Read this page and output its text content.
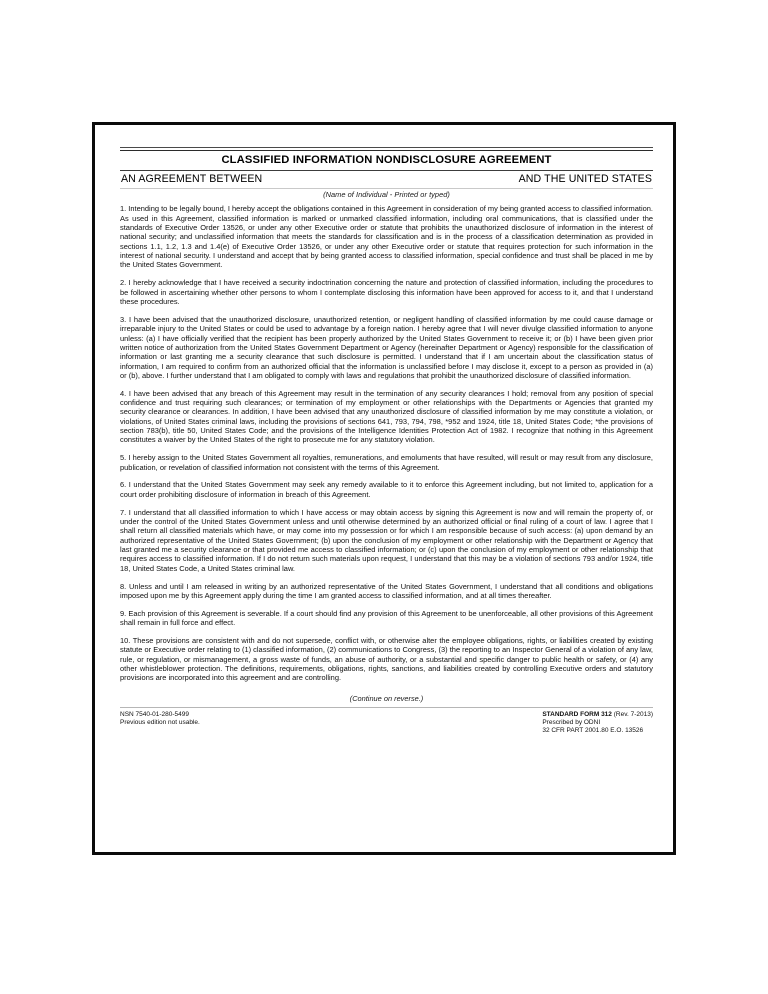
CLASSIFIED INFORMATION NONDISCLOSURE AGREEMENT
AN AGREEMENT BETWEEN	AND THE UNITED STATES
(Name of Individual - Printed or typed)

1. Intending to be legally bound, I hereby accept the obligations contained in this Agreement in consideration of my being granted access to classified information. As used in this Agreement, classified information is marked or unmarked classified information, including oral communications, that is classified under the standards of Executive Order 13526, or under any other Executive order or statute that prohibits the unauthorized disclosure of information in the interest of national security; and unclassified information that meets the standards for classification and is in the process of a classification determination as provided in sections 1.1, 1.2, 1.3 and 1.4(e) of Executive Order 13526, or under any other Executive order or statute that requires protection for such information in the interest of national security. I understand and accept that by being granted access to classified information, special confidence and trust shall be placed in me by the United States Government.

2. I hereby acknowledge that I have received a security indoctrination concerning the nature and protection of classified information, including the procedures to be followed in ascertaining whether other persons to whom I contemplate disclosing this information have been approved for access to it, and that I understand these procedures.

3. I have been advised that the unauthorized disclosure, unauthorized retention, or negligent handling of classified information by me could cause damage or irreparable injury to the United States or could be used to advantage by a foreign nation. I hereby agree that I will never divulge classified information to anyone unless: (a) I have officially verified that the recipient has been properly authorized by the United States Government to receive it; or (b) I have been given prior written notice of authorization from the United States Government Department or Agency (hereinafter Department or Agency) responsible for the classification of information or last granting me a security clearance that such disclosure is permitted. I understand that if I am uncertain about the classification status of information, I am required to confirm from an authorized official that the information is unclassified before I may disclose it, except to a person as provided in (a) or (b), above. I further understand that I am obligated to comply with laws and regulations that prohibit the unauthorized disclosure of classified information.

4. I have been advised that any breach of this Agreement may result in the termination of any security clearances I hold; removal from any position of special confidence and trust requiring such clearances; or termination of my employment or other relationships with the Departments or Agencies that granted my security clearance or clearances. In addition, I have been advised that any unauthorized disclosure of classified information by me may constitute a violation, or violations, of United States criminal laws, including the provisions of sections 641, 793, 794, 798, *952 and 1924, title 18, United States Code; *the provisions of section 783(b), title 50, United States Code; and the provisions of the Intelligence Identities Protection Act of 1982. I recognize that nothing in this Agreement constitutes a waiver by the United States of the right to prosecute me for any statutory violation.

5. I hereby assign to the United States Government all royalties, remunerations, and emoluments that have resulted, will result or may result from any disclosure, publication, or revelation of classified information not consistent with the terms of this Agreement.

6. I understand that the United States Government may seek any remedy available to it to enforce this Agreement including, but not limited to, application for a court order prohibiting disclosure of information in breach of this Agreement.

7. I understand that all classified information to which I have access or may obtain access by signing this Agreement is now and will remain the property of, or under the control of the United States Government unless and until otherwise determined by an authorized official or final ruling of a court of law. I agree that I shall return all classified materials which have, or may come into my possession or for which I am responsible because of such access: (a) upon demand by an authorized representative of the United States Government; (b) upon the conclusion of my employment or other relationship with the Department or Agency that last granted me a security clearance or that provided me access to classified information; or (c) upon the conclusion of my employment or other relationship that requires access to classified information. If I do not return such materials upon request, I understand that this may be a violation of sections 793 and/or 1924, title 18, United States Code, a United States criminal law.

8. Unless and until I am released in writing by an authorized representative of the United States Government, I understand that all conditions and obligations imposed upon me by this Agreement apply during the time I am granted access to classified information, and at all times thereafter.

9. Each provision of this Agreement is severable. If a court should find any provision of this Agreement to be unenforceable, all other provisions of this Agreement shall remain in full force and effect.

10. These provisions are consistent with and do not supersede, conflict with, or otherwise alter the employee obligations, rights, or liabilities created by existing statute or Executive order relating to (1) classified information, (2) communications to Congress, (3) the reporting to an Inspector General of a violation of any law, rule, or regulation, or mismanagement, a gross waste of funds, an abuse of authority, or a substantial and specific danger to public health or safety, or (4) any other whistleblower protection. The definitions, requirements, obligations, rights, sanctions, and liabilities created by controlling Executive orders and statutory provisions are incorporated into this agreement and are controlling.

(Continue on reverse.)
NSN 7540-01-280-5499
Previous edition not usable.
STANDARD FORM 312 (Rev. 7-2013)
Prescribed by ODNI
32 CFR PART 2001.80 E.O. 13526
